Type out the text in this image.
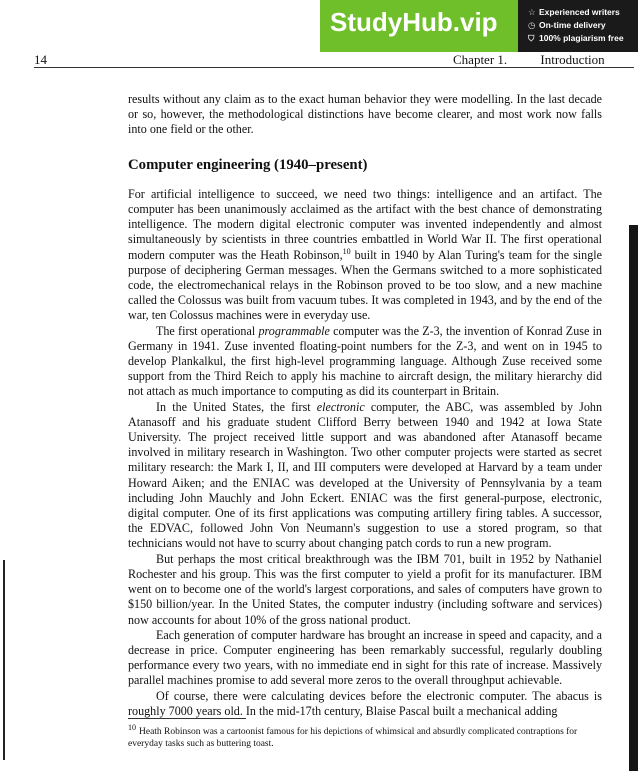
StudyHub.vip	☆ Experienced writers
◷ On-time delivery
⛉ 100% plagiarism free
14	Chapter 1.	Introduction

results without any claim as to the exact human behavior they were modelling. In the last decade or so, however, the methodological distinctions have become clearer, and most work now falls into one field or the other.

Computer engineering (1940–present)

For artificial intelligence to succeed, we need two things: intelligence and an artifact. The computer has been unanimously acclaimed as the artifact with the best chance of demonstrating intelligence. The modern digital electronic computer was invented independently and almost simultaneously by scientists in three countries embattled in World War II. The first operational modern computer was the Heath Robinson,$^{10}$ built in 1940 by Alan Turing's team for the single purpose of deciphering German messages. When the Germans switched to a more sophisticated code, the electromechanical relays in the Robinson proved to be too slow, and a new machine called the Colossus was built from vacuum tubes. It was completed in 1943, and by the end of the war, ten Colossus machines were in everyday use.

The first operational programmable computer was the Z-3, the invention of Konrad Zuse in Germany in 1941. Zuse invented floating-point numbers for the Z-3, and went on in 1945 to develop Plankalkul, the first high-level programming language. Although Zuse received some support from the Third Reich to apply his machine to aircraft design, the military hierarchy did not attach as much importance to computing as did its counterpart in Britain.

In the United States, the first electronic computer, the ABC, was assembled by John Atanasoff and his graduate student Clifford Berry between 1940 and 1942 at Iowa State University. The project received little support and was abandoned after Atanasoff became involved in military research in Washington. Two other computer projects were started as secret military research: the Mark I, II, and III computers were developed at Harvard by a team under Howard Aiken; and the ENIAC was developed at the University of Pennsylvania by a team including John Mauchly and John Eckert. ENIAC was the first general-purpose, electronic, digital computer. One of its first applications was computing artillery firing tables. A successor, the EDVAC, followed John Von Neumann's suggestion to use a stored program, so that technicians would not have to scurry about changing patch cords to run a new program.

But perhaps the most critical breakthrough was the IBM 701, built in 1952 by Nathaniel Rochester and his group. This was the first computer to yield a profit for its manufacturer. IBM went on to become one of the world's largest corporations, and sales of computers have grown to $150 billion/year. In the United States, the computer industry (including software and services) now accounts for about 10% of the gross national product.

Each generation of computer hardware has brought an increase in speed and capacity, and a decrease in price. Computer engineering has been remarkably successful, regularly doubling performance every two years, with no immediate end in sight for this rate of increase. Massively parallel machines promise to add several more zeros to the overall throughput achievable.

Of course, there were calculating devices before the electronic computer. The abacus is roughly 7000 years old. In the mid-17th century, Blaise Pascal built a mechanical adding

$^{10}$ Heath Robinson was a cartoonist famous for his depictions of whimsical and absurdly complicated contraptions for everyday tasks such as buttering toast.
